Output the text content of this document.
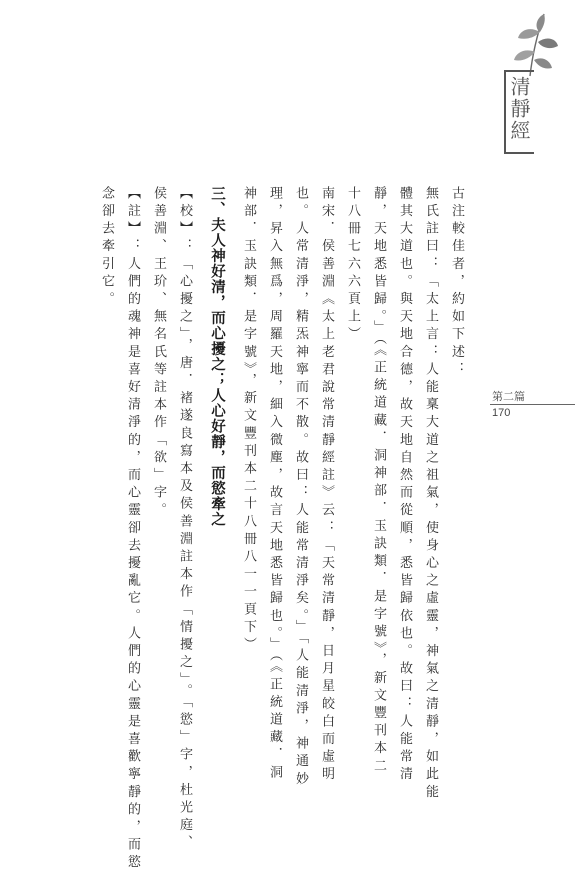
清靜經
第二篇
170
古注較佳者，約如下述：
無氏註曰：「太上言：人能稟大道之祖氣，使身心之虛靈，神氣之清靜，如此能
體其大道也。與天地合德，故天地自然而從順，悉皆歸依也。故曰：人能常清
靜，天地悉皆歸。」（《正統道藏．洞神部．玉訣類．是字號》，新文豐刊本二
十八冊七六六頁上）
南宋．侯善淵《太上老君說常清靜經註》云：「天常清靜，日月星皎白而虛明
也。人常清淨，精炁神寧而不散。故曰：人能常清淨矣。」「人能清淨，神通妙
理，昇入無爲，周羅天地，細入微塵，故言天地悉皆歸也。」（《正統道藏．洞
神部．玉訣類．是字號》，新文豐刊本二十八冊八一一頁下）
三、夫人神好清，而心擾之；人心好靜，而慾牽之
【校】：「心擾之」，唐．褚遂良寫本及侯善淵註本作「情擾之」。「慾」字，杜光庭、
侯善淵、王玠、無名氏等註本作「欲」字。
【註】：人們的魂神是喜好清淨的，而心靈卻去擾亂它。人們的心靈是喜歡寧靜的，而慾
念卻去牽引它。
